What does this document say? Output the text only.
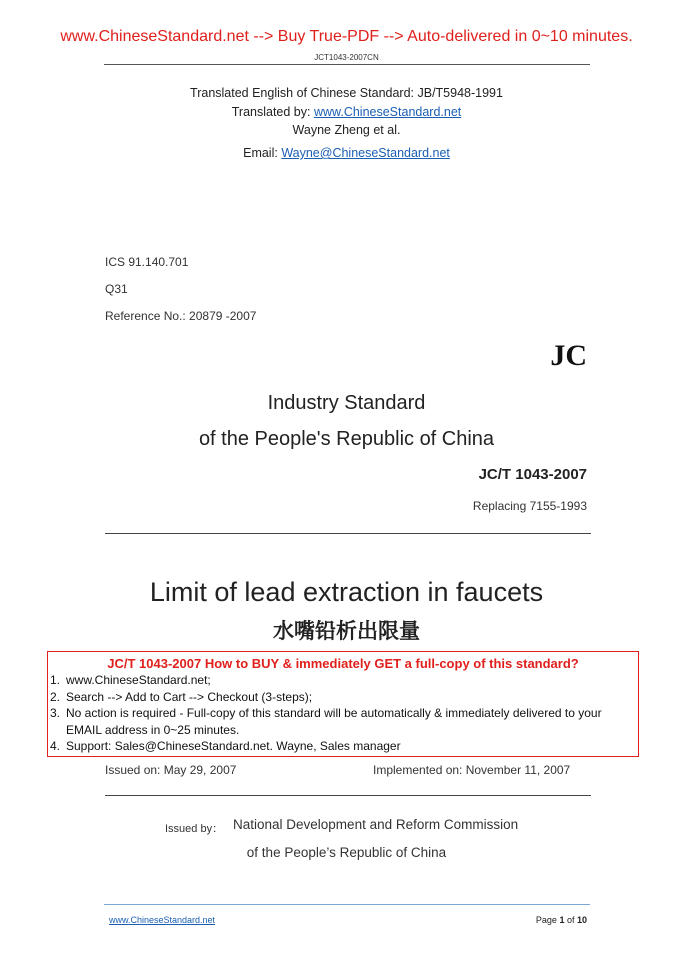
www.ChineseStandard.net --> Buy True-PDF --> Auto-delivered in 0~10 minutes.
JCT1043-2007CN
Translated English of Chinese Standard: JB/T5948-1991
Translated by: www.ChineseStandard.net
Wayne Zheng et al.
Email: Wayne@ChineseStandard.net
ICS 91.140.701
Q31
Reference No.: 20879 -2007
JC
Industry Standard
of the People's Republic of China
JC/T 1043-2007
Replacing 7155-1993
Limit of lead extraction in faucets
水嘴铅析出限量
JC/T 1043-2007 How to BUY & immediately GET a full-copy of this standard?
1. www.ChineseStandard.net;
2. Search --> Add to Cart --> Checkout (3-steps);
3. No action is required - Full-copy of this standard will be automatically & immediately delivered to your EMAIL address in 0~25 minutes.
4. Support: Sales@ChineseStandard.net. Wayne, Sales manager
Issued on: May 29, 2007	Implemented on: November 11, 2007
Issued by： National Development and Reform Commission
of the People’s Republic of China
www.ChineseStandard.net	Page 1 of 10
